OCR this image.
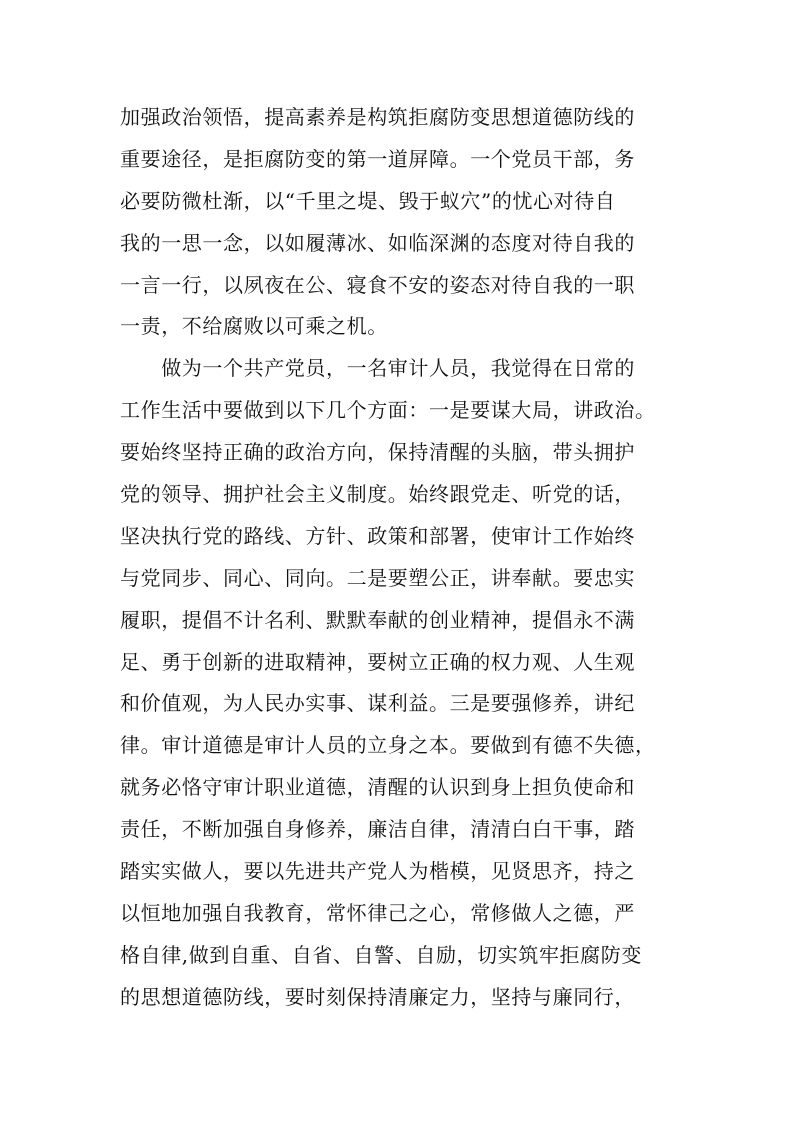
加强政治领悟，提高素养是构筑拒腐防变思想道德防线的
重要途径，是拒腐防变的第一道屏障。一个党员干部，务
必要防微杜渐，以“千里之堤、毁于蚁穴”的忧心对待自
我的一思一念，以如履薄冰、如临深渊的态度对待自我的
一言一行，以夙夜在公、寝食不安的姿态对待自我的一职
一责，不给腐败以可乘之机。
　　做为一个共产党员，一名审计人员，我觉得在日常的
工作生活中要做到以下几个方面：一是要谋大局，讲政治。
要始终坚持正确的政治方向，保持清醒的头脑，带头拥护
党的领导、拥护社会主义制度。始终跟党走、听党的话，
坚决执行党的路线、方针、政策和部署，使审计工作始终
与党同步、同心、同向。二是要塑公正，讲奉献。要忠实
履职，提倡不计名利、默默奉献的创业精神，提倡永不满
足、勇于创新的进取精神，要树立正确的权力观、人生观
和价值观，为人民办实事、谋利益。三是要强修养，讲纪
律。审计道德是审计人员的立身之本。要做到有德不失德，
就务必恪守审计职业道德，清醒的认识到身上担负使命和
责任，不断加强自身修养，廉洁自律，清清白白干事，踏
踏实实做人，要以先进共产党人为楷模，见贤思齐，持之
以恒地加强自我教育，常怀律己之心，常修做人之德，严
格自律,做到自重、自省、自警、自励，切实筑牢拒腐防变
的思想道德防线，要时刻保持清廉定力，坚持与廉同行，
